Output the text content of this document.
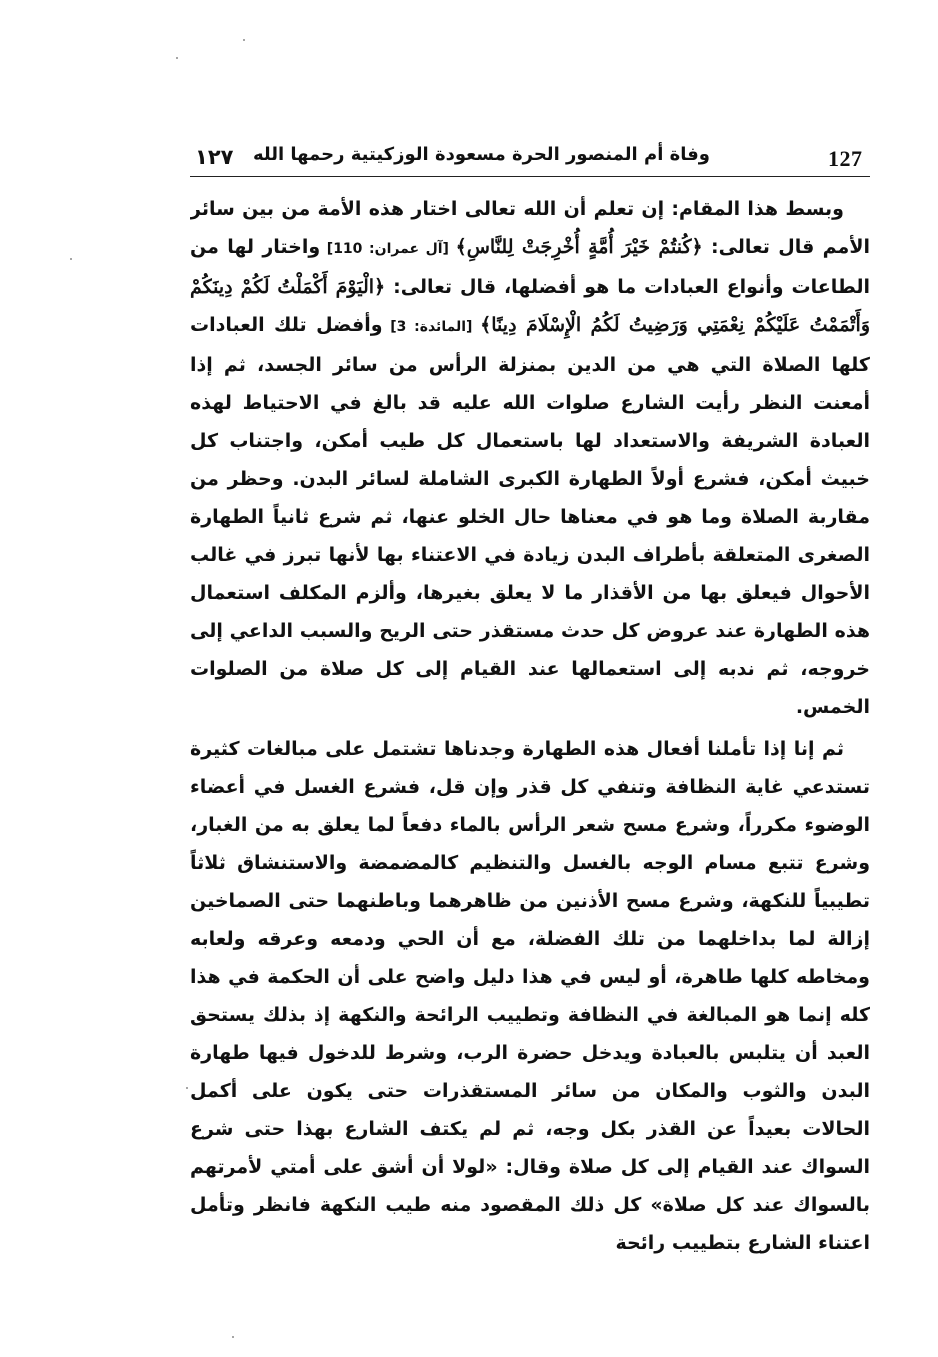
127
وفاة أم المنصور الحرة مسعودة الوزكيتية رحمها الله
١٢٧

وبسط هذا المقام: إن تعلم أن الله تعالى اختار هذه الأمة من بين سائر الأمم قال تعالى: ﴿كُنتُمْ خَيْرَ أُمَّةٍ أُخْرِجَتْ لِلنَّاسِ﴾ [آل عمران: 110] واختار لها من الطاعات وأنواع العبادات ما هو أفضلها، قال تعالى: ﴿الْيَوْمَ أَكْمَلْتُ لَكُمْ دِينَكُمْ وَأَتْمَمْتُ عَلَيْكُمْ نِعْمَتِي وَرَضِيتُ لَكُمُ الْإِسْلَامَ دِينًا﴾ [المائدة: 3] وأفضل تلك العبادات كلها الصلاة التي هي من الدين بمنزلة الرأس من سائر الجسد، ثم إذا أمعنت النظر رأيت الشارع صلوات الله عليه قد بالغ في الاحتياط لهذه العبادة الشريفة والاستعداد لها باستعمال كل طيب أمكن، واجتناب كل خبيث أمكن، فشرع أولاً الطهارة الكبرى الشاملة لسائر البدن. وحظر من مقاربة الصلاة وما هو في معناها حال الخلو عنها، ثم شرع ثانياً الطهارة الصغرى المتعلقة بأطراف البدن زيادة في الاعتناء بها لأنها تبرز في غالب الأحوال فيعلق بها من الأقذار ما لا يعلق بغيرها، وألزم المكلف استعمال هذه الطهارة عند عروض كل حدث مستقذر حتى الريح والسبب الداعي إلى خروجه، ثم ندبه إلى استعمالها عند القيام إلى كل صلاة من الصلوات الخمس.

ثم إنا إذا تأملنا أفعال هذه الطهارة وجدناها تشتمل على مبالغات كثيرة تستدعي غاية النظافة وتنفي كل قذر وإن قل، فشرع الغسل في أعضاء الوضوء مكرراً، وشرع مسح شعر الرأس بالماء دفعاً لما يعلق به من الغبار، وشرع تتبع مسام الوجه بالغسل والتنظيم كالمضمضة والاستنشاق ثلاثاً تطيبياً للنكهة، وشرع مسح الأذنين من ظاهرهما وباطنهما حتى الصماخين إزالة لما بداخلهما من تلك الفضلة، مع أن الحي ودمعه وعرقه ولعابه ومخاطه كلها طاهرة، أو ليس في هذا دليل واضح على أن الحكمة في هذا كله إنما هو المبالغة في النظافة وتطييب الرائحة والنكهة إذ بذلك يستحق العبد أن يتلبس بالعبادة ويدخل حضرة الرب، وشرط للدخول فيها طهارة البدن والثوب والمكان من سائر المستقذرات حتى يكون على أكمل الحالات بعيداً عن القذر بكل وجه، ثم لم يكتف الشارع بهذا حتى شرع السواك عند القيام إلى كل صلاة وقال: «لولا أن أشق على أمتي لأمرتهم بالسواك عند كل صلاة» كل ذلك المقصود منه طيب النكهة فانظر وتأمل اعتناء الشارع بتطييب رائحة
